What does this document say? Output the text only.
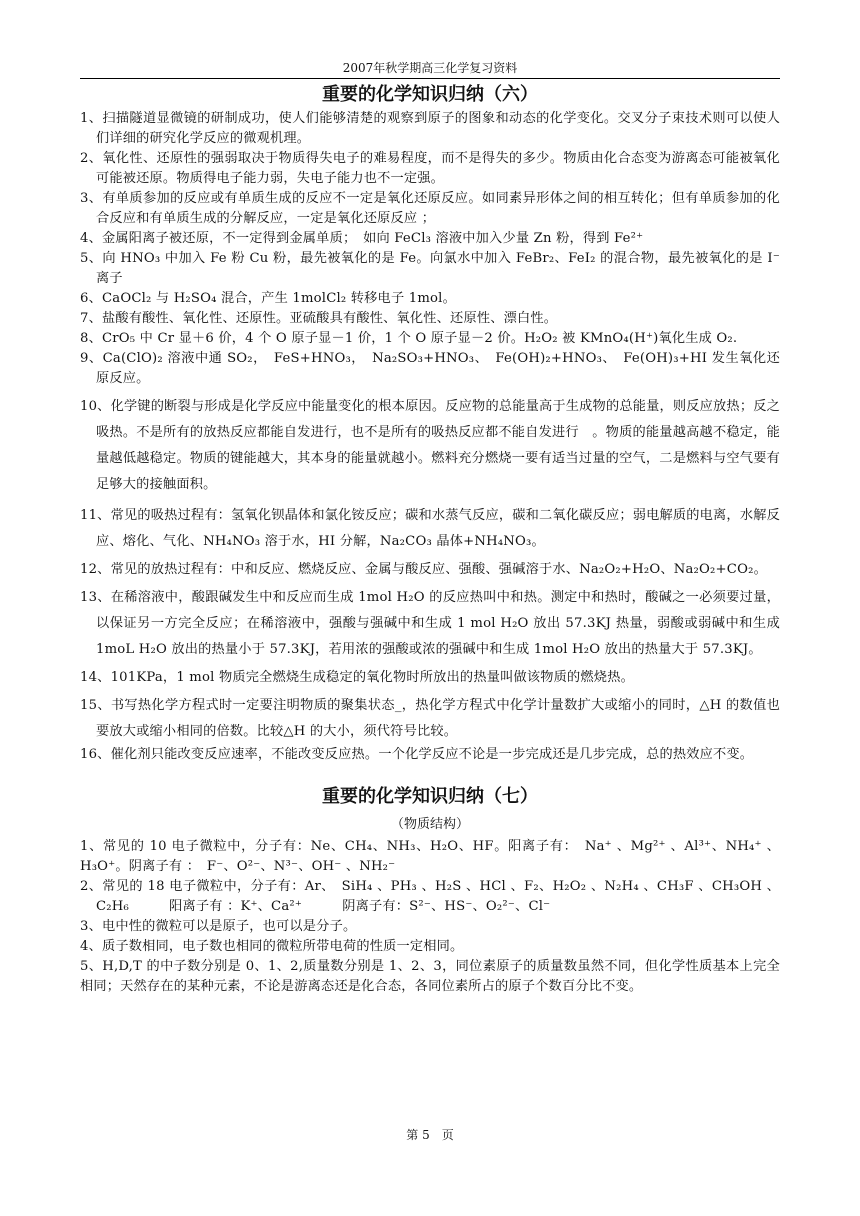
2007年秋学期高三化学复习资料
重要的化学知识归纳（六）
1、扫描隧道显微镜的研制成功，使人们能够清楚的观察到原子的图象和动态的化学变化。交叉分子束技术则可以使人们详细的研究化学反应的微观机理。
2、氧化性、还原性的强弱取决于物质得失电子的难易程度，而不是得失的多少。物质由化合态变为游离态可能被氧化可能被还原。物质得电子能力弱，失电子能力也不一定强。
3、有单质参加的反应或有单质生成的反应不一定是氧化还原反应。如同素异形体之间的相互转化；但有单质参加的化合反应和有单质生成的分解反应，一定是氧化还原反应 ；
4、金属阳离子被还原，不一定得到金属单质；　如向 FeCl₃ 溶液中加入少量 Zn 粉，得到 Fe²⁺
5、向 HNO₃ 中加入 Fe 粉 Cu 粉，最先被氧化的是 Fe。向氯水中加入 FeBr₂、FeI₂ 的混合物，最先被氧化的是 I⁻离子
6、CaOCl₂ 与 H₂SO₄ 混合，产生 1molCl₂ 转移电子 1mol。
7、盐酸有酸性、氧化性、还原性。亚硫酸具有酸性、氧化性、还原性、漂白性。
8、CrO₅ 中 Cr 显＋6 价，4 个 O 原子显－1 价，1 个 O 原子显－2 价。H₂O₂ 被 KMnO₄(H⁺)氧化生成 O₂.
9、Ca(ClO)₂ 溶液中通 SO₂，　FeS+HNO₃，　Na₂SO₃+HNO₃、　Fe(OH)₂+HNO₃、　Fe(OH)₃+HI 发生氧化还原反应。
10、化学键的断裂与形成是化学反应中能量变化的根本原因。反应物的总能量高于生成物的总能量，则反应放热；反之吸热。不是所有的放热反应都能自发进行，也不是所有的吸热反应都不能自发进行　。物质的能量越高越不稳定，能量越低越稳定。物质的键能越大，其本身的能量就越小。燃料充分燃烧一要有适当过量的空气，二是燃料与空气要有足够大的接触面积。
11、常见的吸热过程有：氢氧化钡晶体和氯化铵反应；碳和水蒸气反应，碳和二氧化碳反应；弱电解质的电离，水解反应、熔化、气化、NH₄NO₃ 溶于水，HI 分解，Na₂CO₃ 晶体+NH₄NO₃。
12、常见的放热过程有：中和反应、燃烧反应、金属与酸反应、强酸、强碱溶于水、Na₂O₂+H₂O、Na₂O₂+CO₂。
13、在稀溶液中，酸跟碱发生中和反应而生成 1mol H₂O 的反应热叫中和热。测定中和热时，酸碱之一必须要过量，以保证另一方完全反应；在稀溶液中，强酸与强碱中和生成 1 mol H₂O 放出 57.3KJ 热量，弱酸或弱碱中和生成　1moL H₂O 放出的热量小于 57.3KJ，若用浓的强酸或浓的强碱中和生成 1mol H₂O 放出的热量大于 57.3KJ。
14、101KPa，1 mol 物质完全燃烧生成稳定的氧化物时所放出的热量叫做该物质的燃烧热。
15、书写热化学方程式时一定要注明物质的聚集状态_，热化学方程式中化学计量数扩大或缩小的同时，△H 的数值也要放大或缩小相同的倍数。比较△H 的大小，须代符号比较。
16、催化剂只能改变反应速率，不能改变反应热。一个化学反应不论是一步完成还是几步完成，总的热效应不变。
重要的化学知识归纳（七）
（物质结构）
1、常见的 10 电子微粒中，分子有：Ne、CH₄、NH₃、H₂O、HF。阳离子有：　Na⁺ 、Mg²⁺ 、Al³⁺、NH₄⁺ 、H₃O⁺。阴离子有 ：　F⁻、O²⁻、N³⁻、OH⁻ 、NH₂⁻
2、常见的 18 电子微粒中，分子有：Ar、　SiH₄ 、PH₃ 、H₂S 、HCl 、F₂、H₂O₂ 、N₂H₄ 、CH₃F 、CH₃OH 、C₂H₆　　　阳离子有 ：K⁺、Ca²⁺　　　阴离子有：S²⁻、HS⁻、O₂²⁻、Cl⁻
3、电中性的微粒可以是原子，也可以是分子。
4、质子数相同，电子数也相同的微粒所带电荷的性质一定相同。
5、H,D,T 的中子数分别是 0、1、2,质量数分别是 1、2、3，同位素原子的质量数虽然不同，但化学性质基本上完全相同；天然存在的某种元素，不论是游离态还是化合态，各同位素所占的原子个数百分比不变。
第 5　页
